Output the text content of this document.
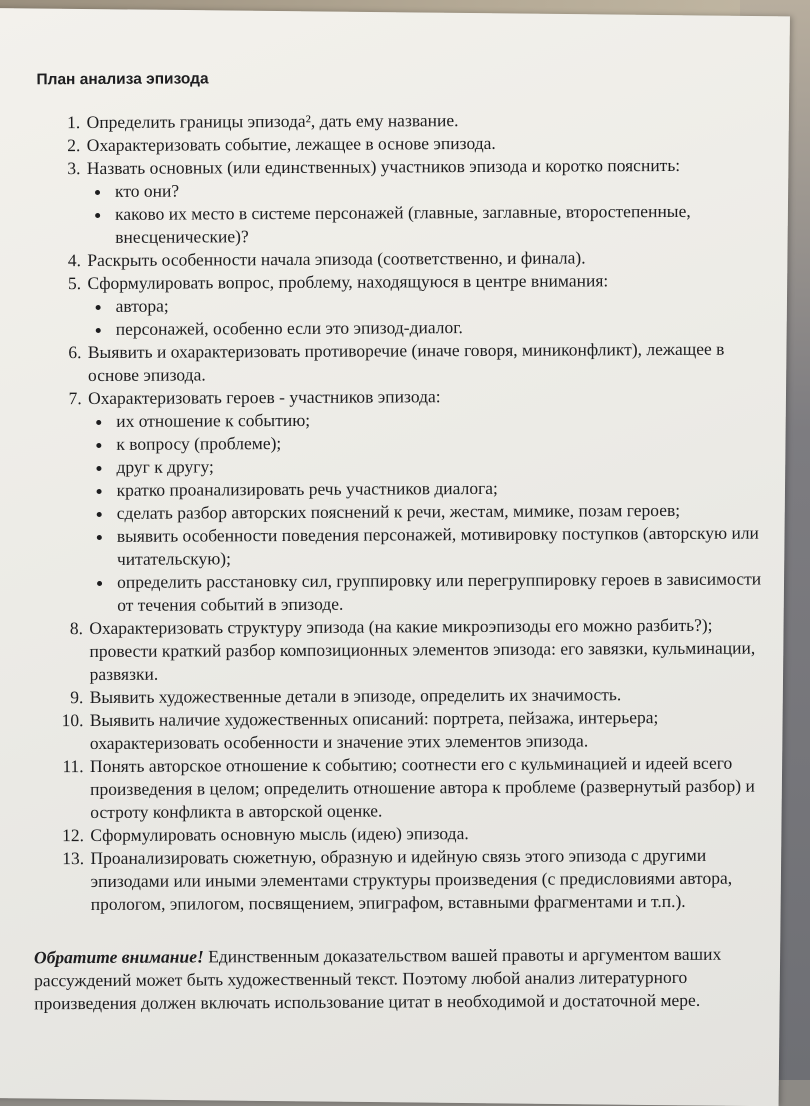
План анализа эпизода
1. Определить границы эпизода², дать ему название.
2. Охарактеризовать событие, лежащее в основе эпизода.
3. Назвать основных (или единственных) участников эпизода и коротко пояснить:
• кто они?
• каково их место в системе персонажей (главные, заглавные, второстепенные, внесценические)?
4. Раскрыть особенности начала эпизода (соответственно, и финала).
5. Сформулировать вопрос, проблему, находящуюся в центре внимания:
• автора;
• персонажей, особенно если это эпизод-диалог.
6. Выявить и охарактеризовать противоречие (иначе говоря, миниконфликт), лежащее в основе эпизода.
7. Охарактеризовать героев - участников эпизода:
• их отношение к событию;
• к вопросу (проблеме);
• друг к другу;
• кратко проанализировать речь участников диалога;
• сделать разбор авторских пояснений к речи, жестам, мимике, позам героев;
• выявить особенности поведения персонажей, мотивировку поступков (авторскую или читательскую);
• определить расстановку сил, группировку или перегруппировку героев в зависимости от течения событий в эпизоде.
8. Охарактеризовать структуру эпизода (на какие микроэпизоды его можно разбить?); провести краткий разбор композиционных элементов эпизода: его завязки, кульминации, развязки.
9. Выявить художественные детали в эпизоде, определить их значимость.
10. Выявить наличие художественных описаний: портрета, пейзажа, интерьера; охарактеризовать особенности и значение этих элементов эпизода.
11. Понять авторское отношение к событию; соотнести его с кульминацией и идеей всего произведения в целом; определить отношение автора к проблеме (развернутый разбор) и остроту конфликта в авторской оценке.
12. Сформулировать основную мысль (идею) эпизода.
13. Проанализировать сюжетную, образную и идейную связь этого эпизода с другими эпизодами или иными элементами структуры произведения (с предисловиями автора, прологом, эпилогом, посвящением, эпиграфом, вставными фрагментами и т.п.).

Обратите внимание! Единственным доказательством вашей правоты и аргументом ваших рассуждений может быть художественный текст. Поэтому любой анализ литературного произведения должен включать использование цитат в необходимой и достаточной мере.
